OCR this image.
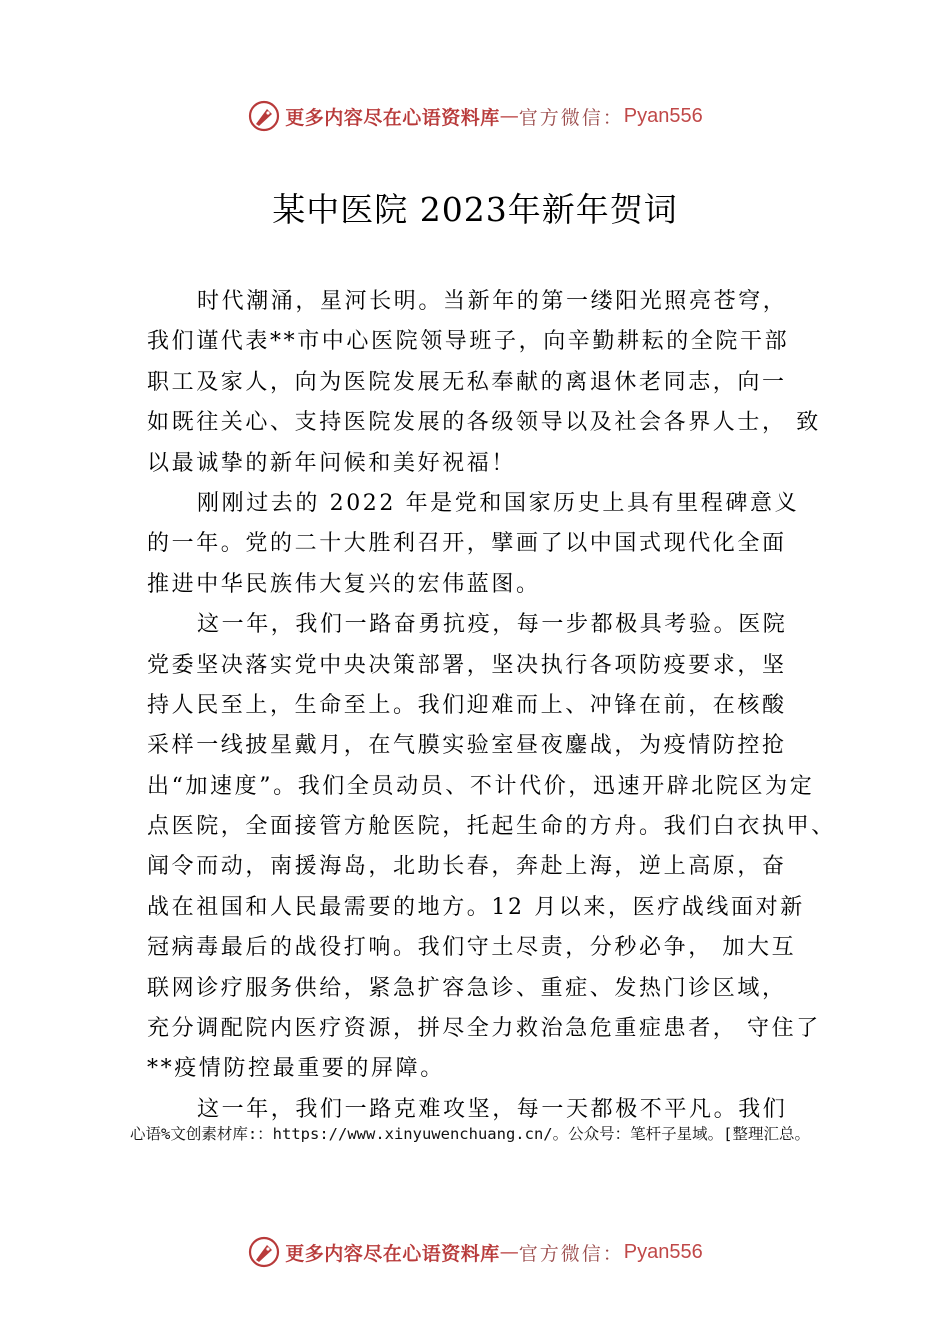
更多内容尽在心语资料库 — 官方微信： Pyan556
某中医院 2023年新年贺词
时代潮涌，星河长明。当新年的第一缕阳光照亮苍穹，
我们谨代表**市中心医院领导班子，向辛勤耕耘的全院干部
职工及家人，向为医院发展无私奉献的离退休老同志，向一
如既往关心、支持医院发展的各级领导以及社会各界人士， 致
以最诚挚的新年问候和美好祝福！
刚刚过去的 2022 年是党和国家历史上具有里程碑意义
的一年。党的二十大胜利召开，擘画了以中国式现代化全面
推进中华民族伟大复兴的宏伟蓝图。
这一年，我们一路奋勇抗疫，每一步都极具考验。医院
党委坚决落实党中央决策部署，坚决执行各项防疫要求，坚
持人民至上，生命至上。我们迎难而上、冲锋在前，在核酸
采样一线披星戴月，在气膜实验室昼夜鏖战，为疫情防控抢
出“加速度”。我们全员动员、不计代价，迅速开辟北院区为定
点医院，全面接管方舱医院，托起生命的方舟。我们白衣执甲、
闻令而动，南援海岛，北助长春，奔赴上海，逆上高原，奋
战在祖国和人民最需要的地方。12 月以来，医疗战线面对新
冠病毒最后的战役打响。我们守土尽责，分秒必争， 加大互
联网诊疗服务供给，紧急扩容急诊、重症、发热门诊区域，
充分调配院内医疗资源，拼尽全力救治急危重症患者， 守住了
**疫情防控最重要的屏障。
这一年，我们一路克难攻坚，每一天都极不平凡。我们
心语%文创素材库:：https://www.xinyuwenchuang.cn/。公众号：笔杆子星域。[整理汇总。
更多内容尽在心语资料库 — 官方微信： Pyan556
